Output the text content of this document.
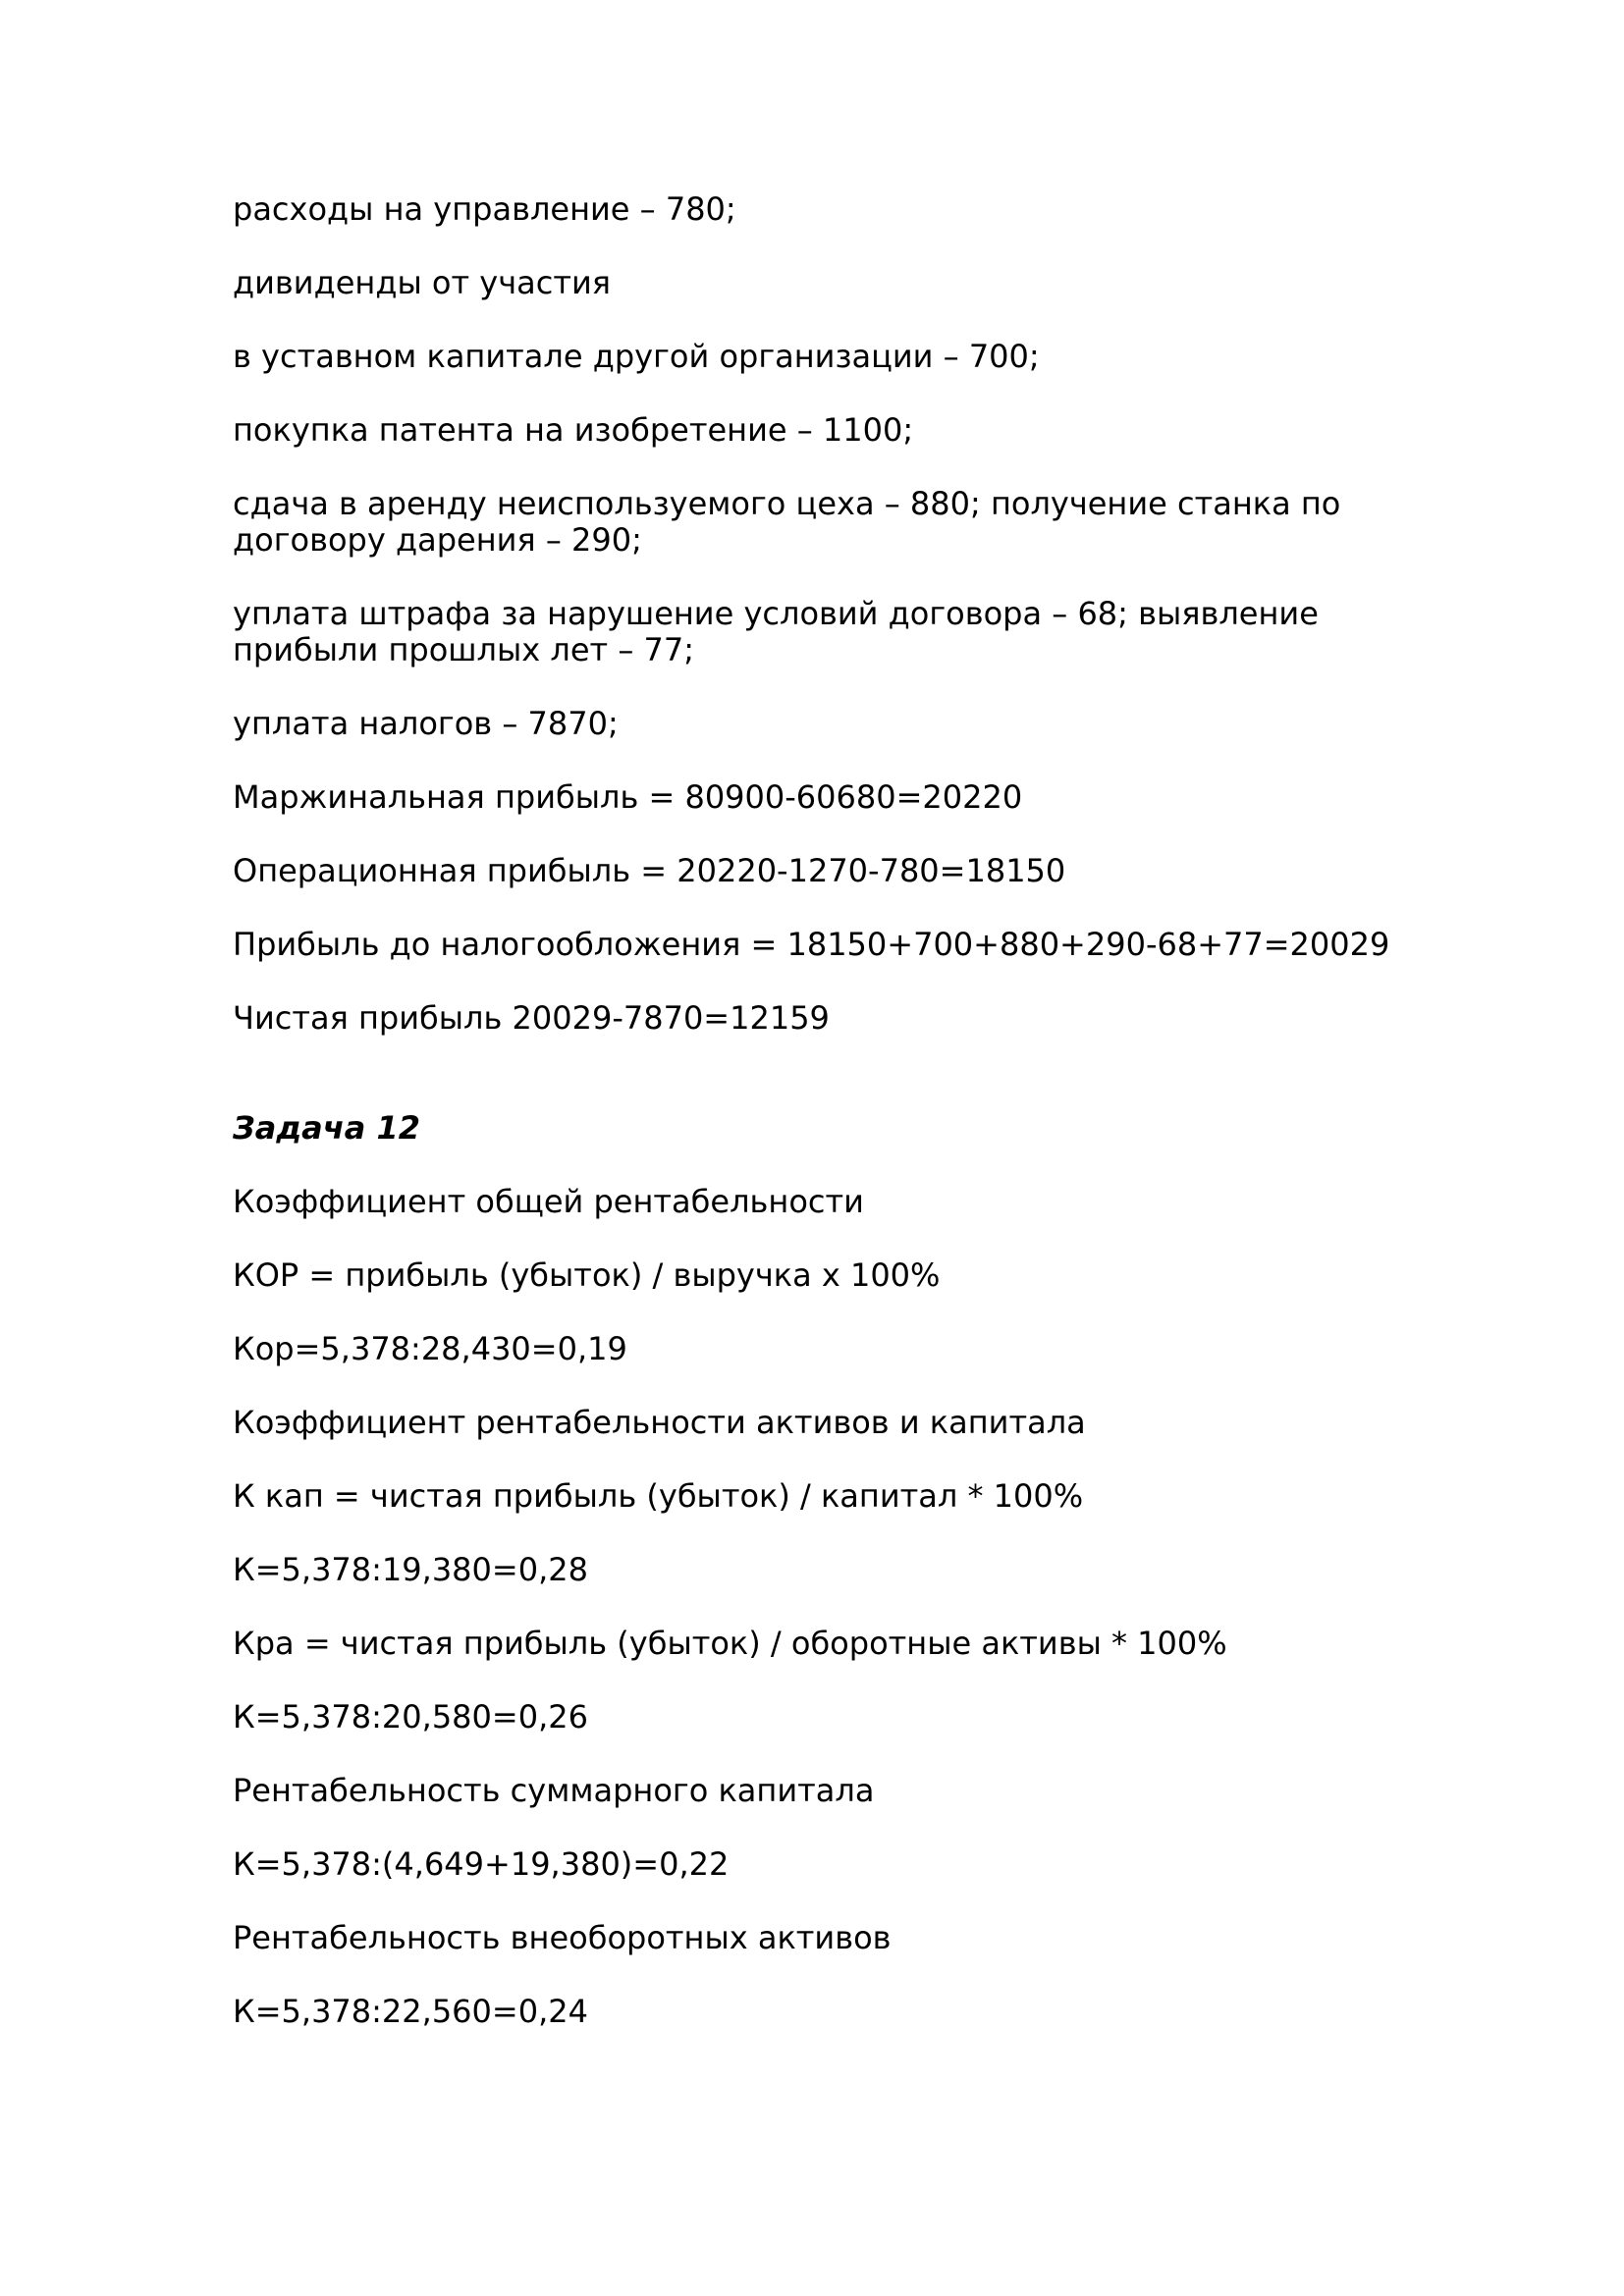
расходы на управление – 780;

дивиденды от участия

в уставном капитале другой организации – 700;

покупка патента на изобретение – 1100;

сдача в аренду неиспользуемого цеха – 880; получение станка по договору дарения – 290;

уплата штрафа за нарушение условий договора – 68; выявление прибыли прошлых лет – 77;

уплата налогов – 7870;

Маржинальная прибыль = 80900-60680=20220

Операционная прибыль = 20220-1270-780=18150

Прибыль до налогообложения = 18150+700+880+290-68+77=20029

Чистая прибыль 20029-7870=12159

Задача 12

Коэффициент общей рентабельности

КОР = прибыль (убыток) / выручка х 100%

Кор=5,378:28,430=0,19

Коэффициент рентабельности активов и капитала

К кап = чистая прибыль (убыток) / капитал * 100%

К=5,378:19,380=0,28

Кра = чистая прибыль (убыток) / оборотные активы * 100%

К=5,378:20,580=0,26

Рентабельность суммарного капитала

К=5,378:(4,649+19,380)=0,22

Рентабельность внеоборотных активов

К=5,378:22,560=0,24
